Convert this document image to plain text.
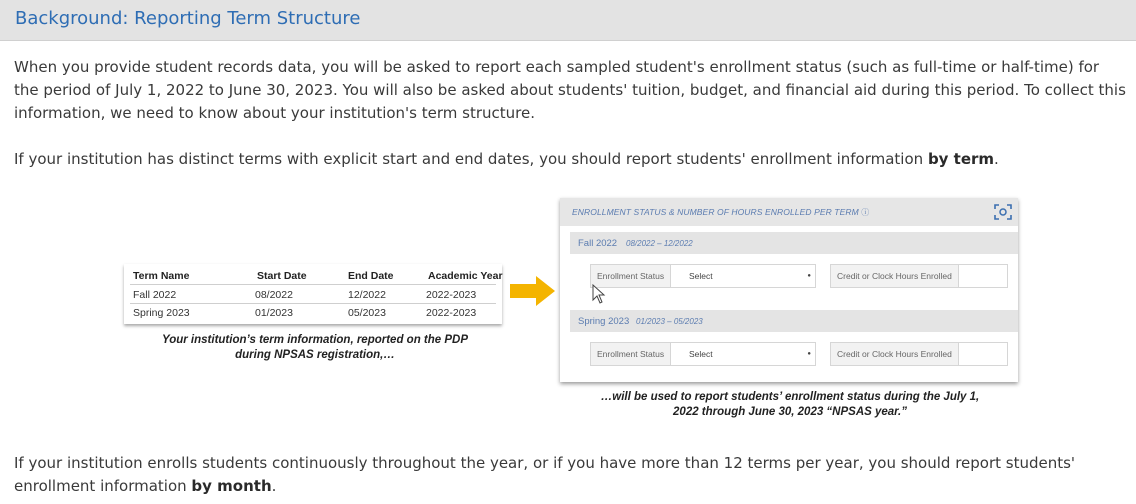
Background: Reporting Term Structure

When you provide student records data, you will be asked to report each sampled student's enrollment status (such as full-time or half-time) for the period of July 1, 2022 to June 30, 2023. You will also be asked about students' tuition, budget, and financial aid during this period. To collect this information, we need to know about your institution's term structure.

If your institution has distinct terms with explicit start and end dates, you should report students' enrollment information by term.

Term Name	Start Date	End Date	Academic Year
Fall 2022	08/2022	12/2022	2022-2023
Spring 2023	01/2023	05/2023	2022-2023
Your institution’s term information, reported on the PDP during NPSAS registration,…
ENROLLMENT STATUS & NUMBER OF HOURS ENROLLED PER TERM ⓘ
Fall 2022 08/2022 – 12/2022
Enrollment Status	Select	●	Credit or Clock Hours Enrolled
Spring 2023 01/2023 – 05/2023
Enrollment Status	Select	●	Credit or Clock Hours Enrolled
…will be used to report students’ enrollment status during the July 1, 2022 through June 30, 2023 “NPSAS year.”

If your institution enrolls students continuously throughout the year, or if you have more than 12 terms per year, you should report students' enrollment information by month.
